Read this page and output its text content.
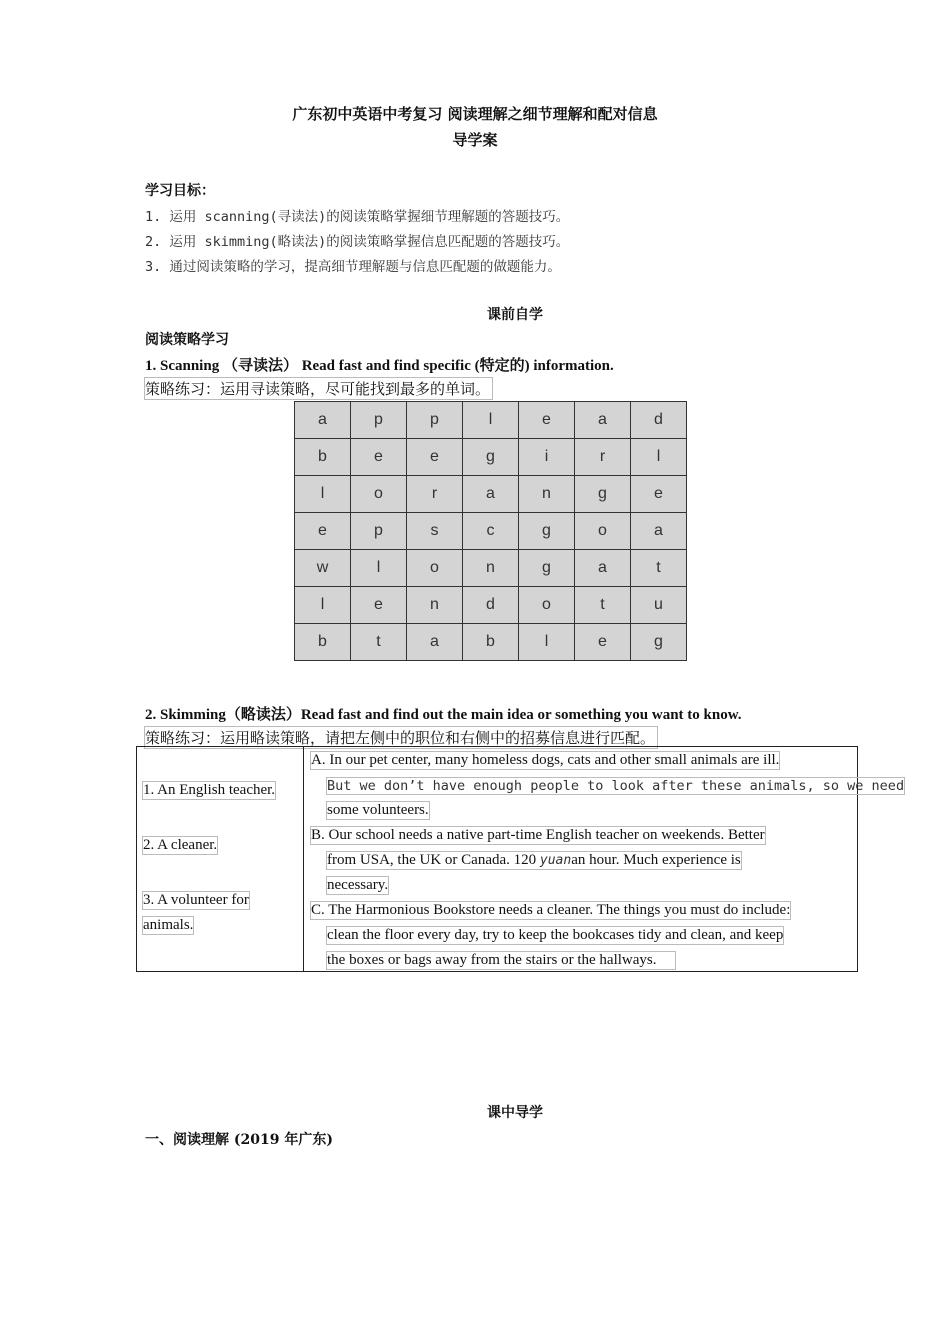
广东初中英语中考复习 阅读理解之细节理解和配对信息
导学案
学习目标：
1. 运用 scanning(寻读法)的阅读策略掌握细节理解题的答题技巧。
2. 运用 skimming(略读法)的阅读策略掌握信息匹配题的答题技巧。
3. 通过阅读策略的学习，提高细节理解题与信息匹配题的做题能力。
课前自学
阅读策略学习
1. Scanning （寻读法） Read fast and find specific (特定的) information.
策略练习：运用寻读策略，尽可能找到最多的单词。
a	p	p	l	e	a	d
b	e	e	g	i	r	l
l	o	r	a	n	g	e
e	p	s	c	g	o	a
w	l	o	n	g	a	t
l	e	n	d	o	t	u
b	t	a	b	l	e	g
2. Skimming（略读法）Read fast and find out the main idea or something you want to know.
策略练习：运用略读策略，请把左侧中的职位和右侧中的招募信息进行匹配。
1. An English teacher.
2. A cleaner.
3. A volunteer for
animals.
A. In our pet center, many homeless dogs, cats and other small animals are ill.
But we don’t have enough people to look after these animals, so we need
some volunteers.
B. Our school needs a native part-time English teacher on weekends. Better
from USA, the UK or Canada. 120 yuanan hour. Much experience is
necessary.
C. The Harmonious Bookstore needs a cleaner. The things you must do include:
clean the floor every day, try to keep the bookcases tidy and clean, and keep
the boxes or bags away from the stairs or the hallways.
课中导学
一、阅读理解 (2019 年广东)
